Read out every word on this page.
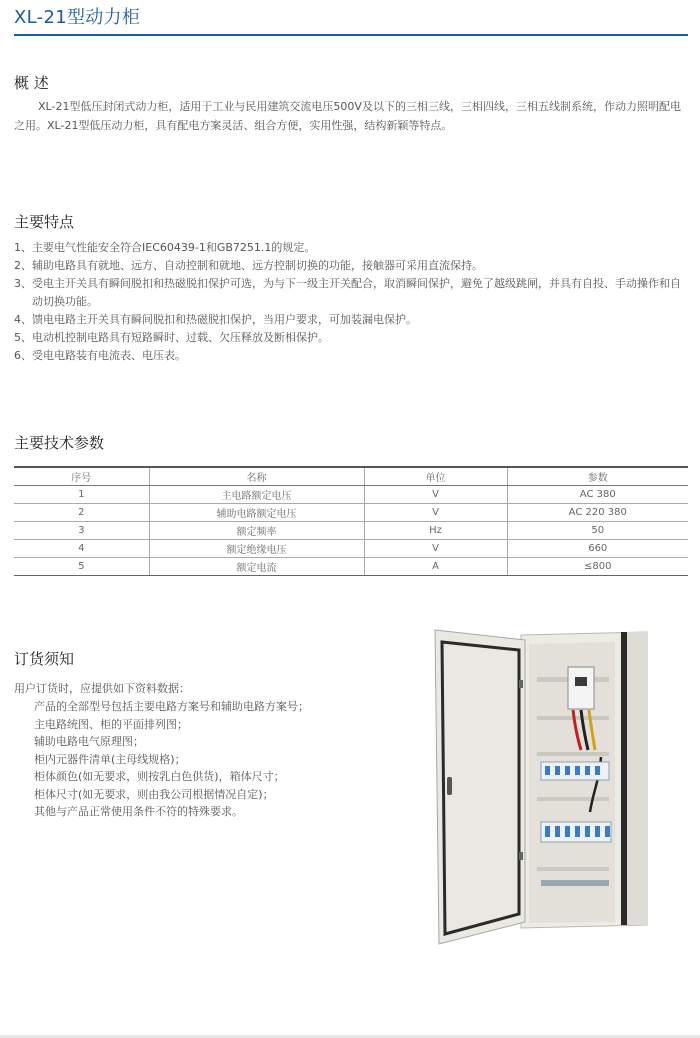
XL-21型动力柜
概 述

XL-21型低压封闭式动力柜，适用于工业与民用建筑交流电压500V及以下的三相三线，三相四线，三相五线制系统，作动力照明配电之用。XL-21型低压动力柜，具有配电方案灵活、组合方便，实用性强，结构新颖等特点。

主要特点
1、主要电气性能安全符合IEC60439-1和GB7251.1的规定。
2、辅助电路具有就地、远方、自动控制和就地、远方控制切换的功能，接触器可采用直流保持。
3、受电主开关具有瞬间脱扣和热磁脱扣保护可选，为与下一级主开关配合，取消瞬间保护，避免了越级跳闸，并具有自投、手动操作和自动切换功能。
4、馈电电路主开关具有瞬间脱扣和热磁脱扣保护，当用户要求，可加装漏电保护。
5、电动机控制电路具有短路瞬时、过载、欠压释放及断相保护。
6、受电电路装有电流表、电压表。
主要技术参数
序号	名称	单位	参数
1	主电路额定电压	V	AC 380
2	辅助电路额定电压	V	AC 220 380
3	额定频率	Hz	50
4	额定绝缘电压	V	660
5	额定电流	A	≤800
订货须知
用户订货时，应提供如下资料数据：
产品的全部型号包括主要电路方案号和辅助电路方案号；
主电路统图、柜的平面排列图；
辅助电路电气原理图；
柜内元器件清单(主母线规格)；
柜体颜色(如无要求，则按乳白色供货)，箱体尺寸；
柜体尺寸(如无要求，则由我公司根据情况自定)；
其他与产品正常使用条件不符的特殊要求。
